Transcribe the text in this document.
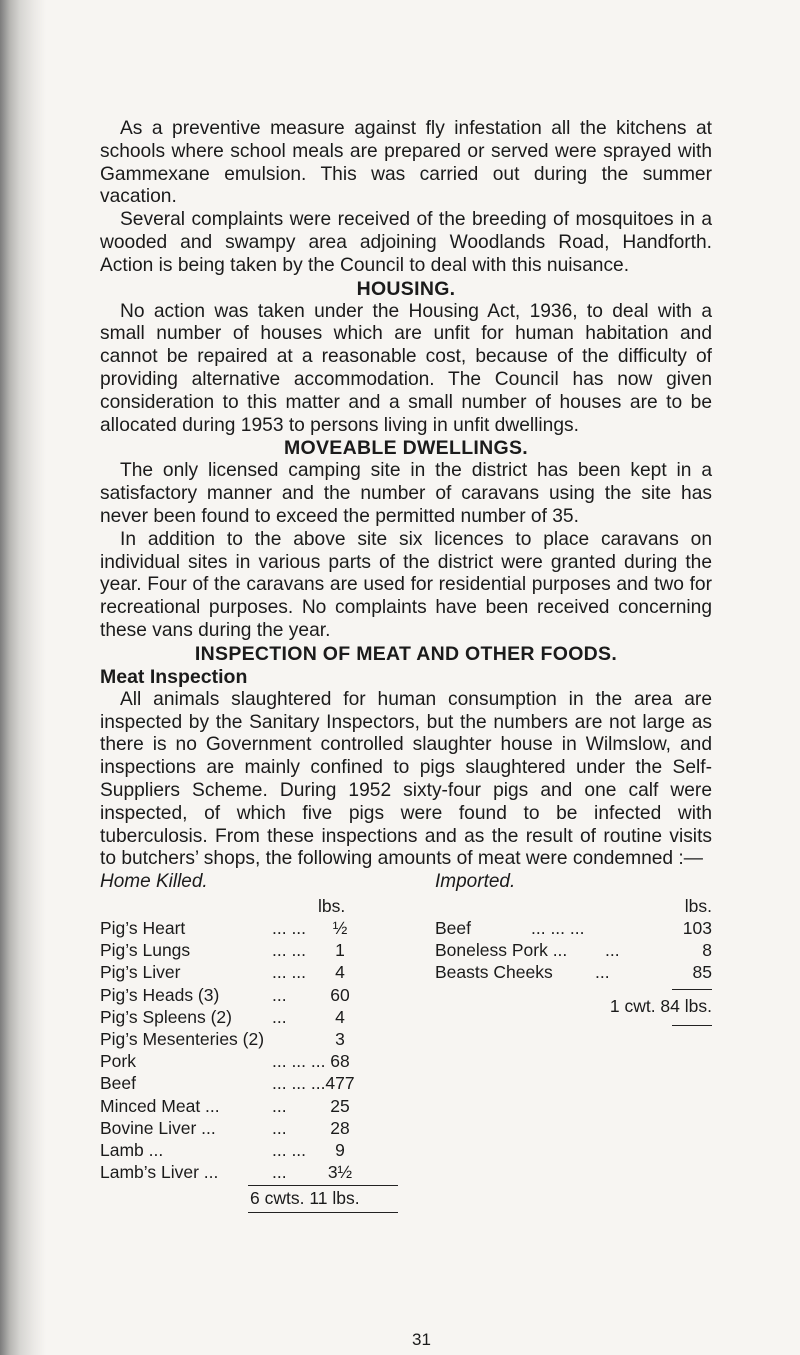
As a preventive measure against fly infestation all the kitchens at schools where school meals are prepared or served were sprayed with Gammexane emulsion. This was carried out during the summer vacation.

Several complaints were received of the breeding of mosquitoes in a wooded and swampy area adjoining Woodlands Road, Handforth. Action is being taken by the Council to deal with this nuisance.

HOUSING.

No action was taken under the Housing Act, 1936, to deal with a small number of houses which are unfit for human habitation and cannot be repaired at a reasonable cost, because of the difficulty of providing alternative accommodation. The Council has now given consideration to this matter and a small number of houses are to be allocated during 1953 to persons living in unfit dwellings.

MOVEABLE DWELLINGS.

The only licensed camping site in the district has been kept in a satisfactory manner and the number of caravans using the site has never been found to exceed the permitted number of 35.

In addition to the above site six licences to place caravans on individual sites in various parts of the district were granted during the year. Four of the caravans are used for residential purposes and two for recreational purposes. No complaints have been received concerning these vans during the year.

INSPECTION OF MEAT AND OTHER FOODS.
Meat Inspection

All animals slaughtered for human consumption in the area are inspected by the Sanitary Inspectors, but the numbers are not large as there is no Government controlled slaughter house in Wilmslow, and inspections are mainly confined to pigs slaughtered under the Self-Suppliers Scheme. During 1952 sixty-four pigs and one calf were inspected, of which five pigs were found to be infected with tuberculosis. From these inspections and as the result of routine visits to butchers’ shops, the following amounts of meat were condemned :—

Home Killed.
lbs.
Pig’s Heart	... ...	½
Pig’s Lungs	... ...	1
Pig’s Liver	... ...	4
Pig’s Heads (3)	...	60
Pig’s Spleens (2) ...	4
Pig’s Mesenteries (2)	3
Pork	... ... ... 68
Beef	... ... ... 477
Minced Meat ...	...	25
Bovine Liver ...	...	28
Lamb ...	... ...	9
Lamb’s Liver ...	...	3½
6 cwts. 11 lbs.
Imported.
lbs.
Beef	... ... ...	103
Boneless Pork ... ...	8
Beasts Cheeks ...	85
1 cwt. 84 lbs.
31
